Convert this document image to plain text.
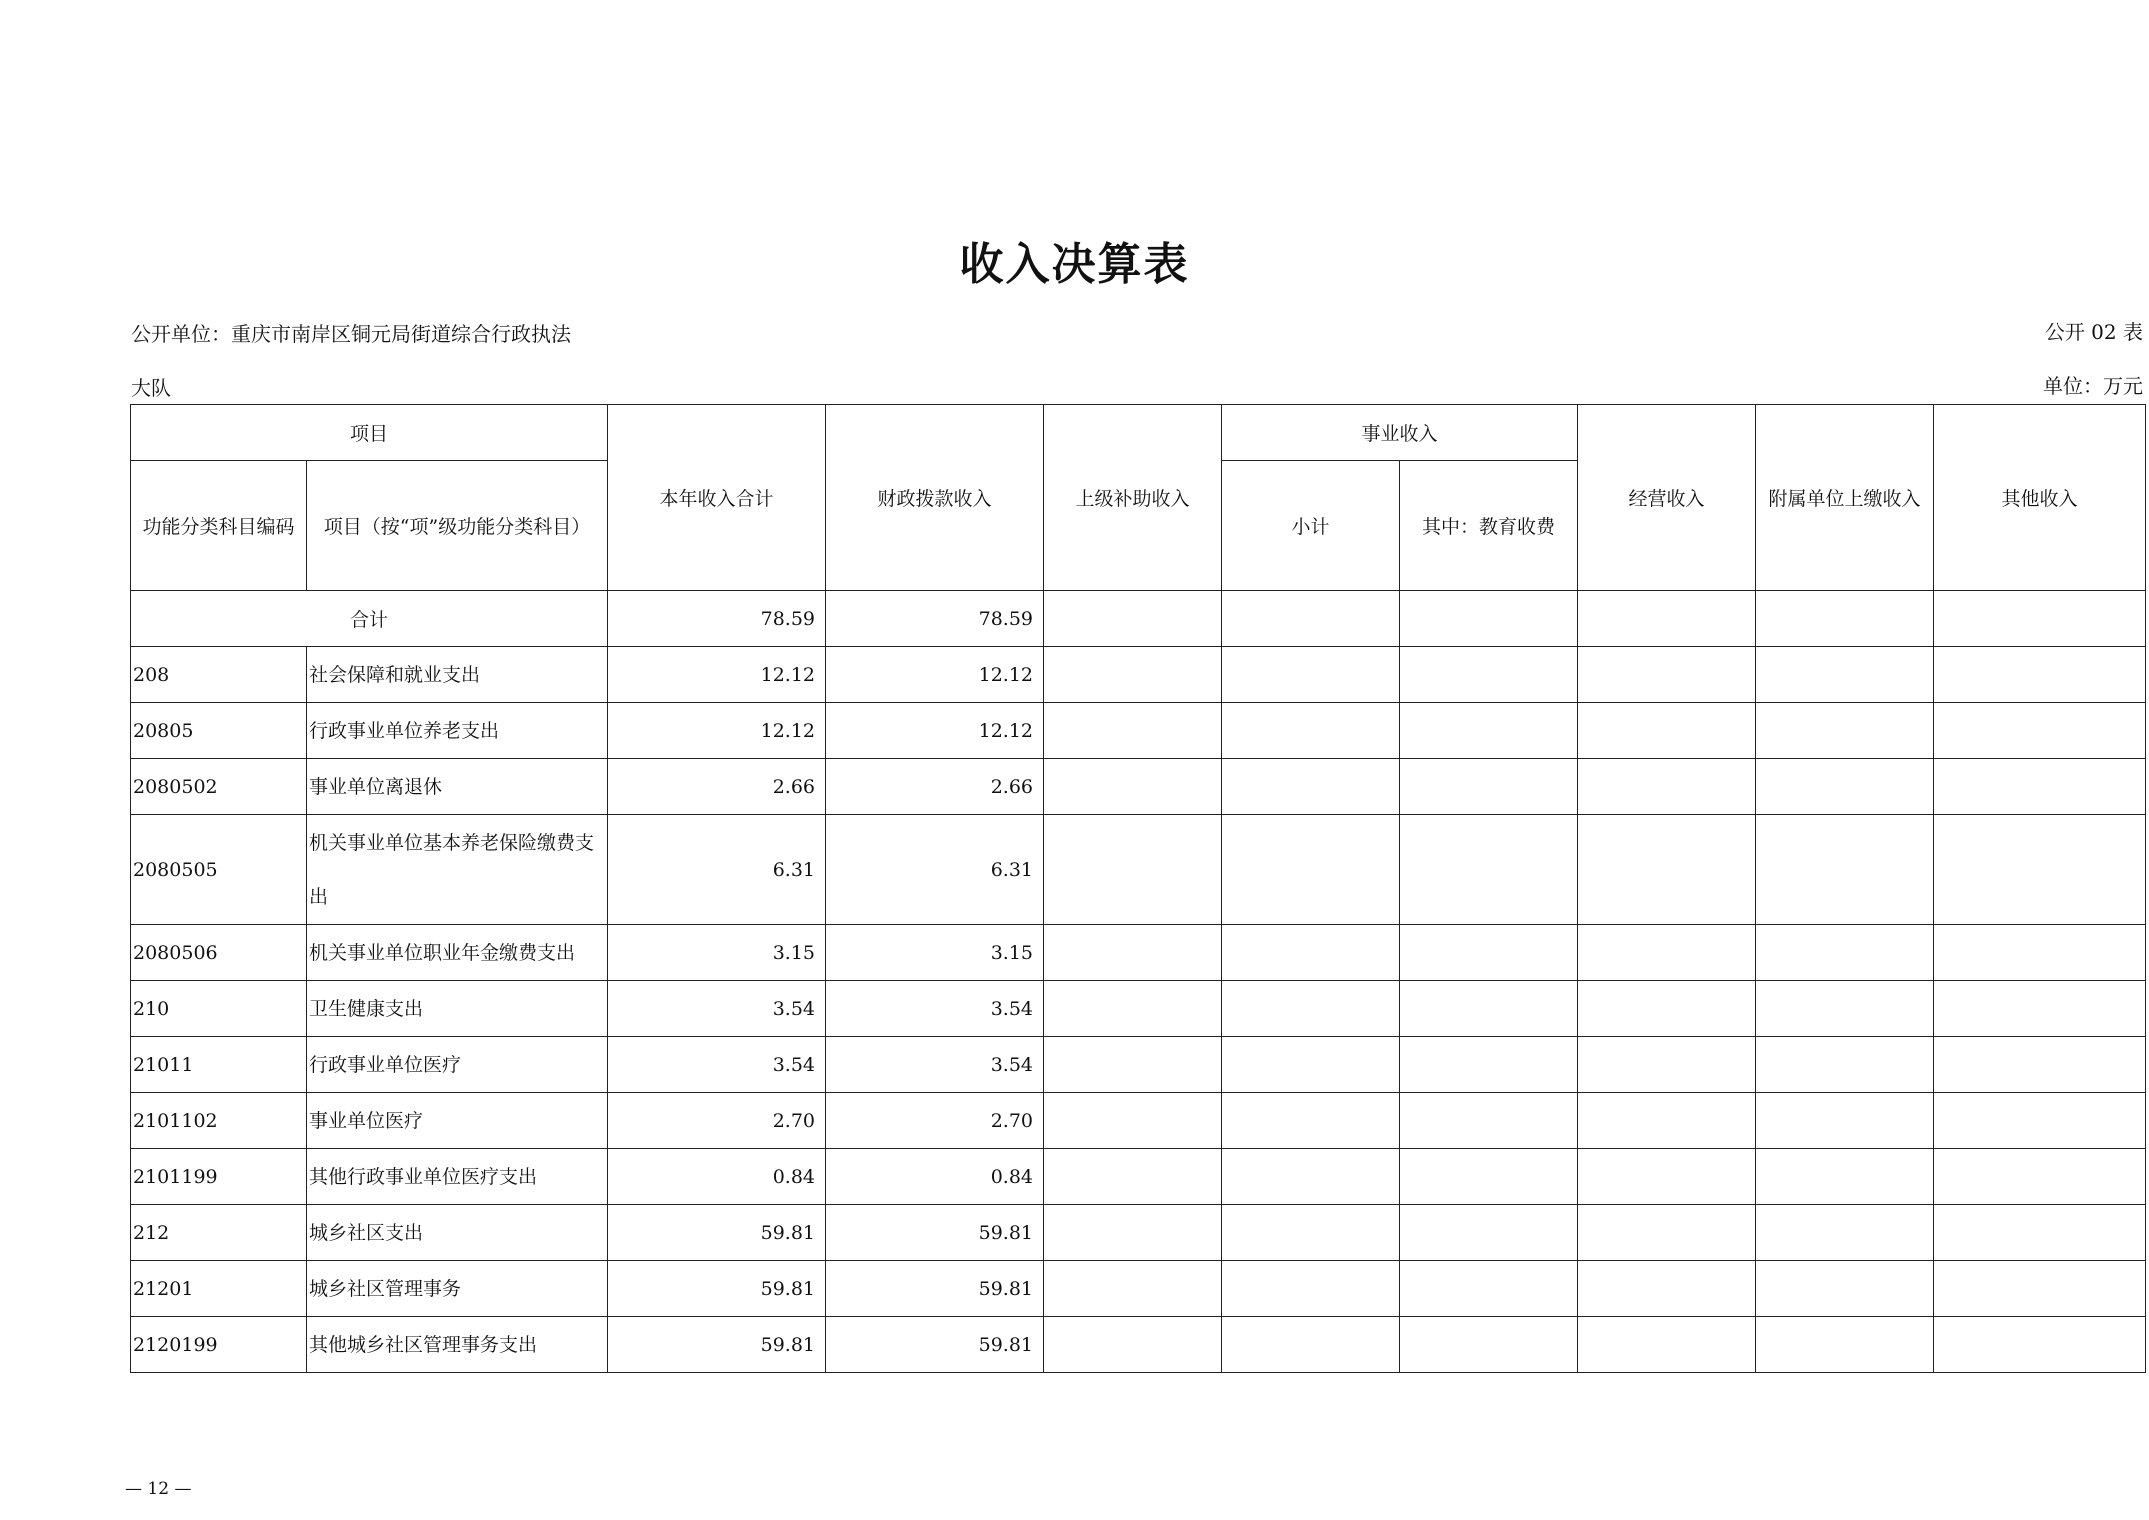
收入决算表
公开单位：重庆市南岸区铜元局街道综合行政执法
大队
公开 02 表
单位：万元
项目		本年收入合计	财政拨款收入	上级补助收入	事业收入		经营收入	附属单位上缴收入	其他收入
功能分类科目编码	项目（按“项”级功能分类科目）				小计	其中：教育收费			
合计		78.59	78.59						
208	社会保障和就业支出	12.12	12.12						
20805	行政事业单位养老支出	12.12	12.12						
2080502	事业单位离退休	2.66	2.66						
2080505	机关事业单位基本养老保险缴费支出	6.31	6.31						
2080506	机关事业单位职业年金缴费支出	3.15	3.15						
210	卫生健康支出	3.54	3.54						
21011	行政事业单位医疗	3.54	3.54						
2101102	事业单位医疗	2.70	2.70						
2101199	其他行政事业单位医疗支出	0.84	0.84						
212	城乡社区支出	59.81	59.81						
21201	城乡社区管理事务	59.81	59.81						
2120199	其他城乡社区管理事务支出	59.81	59.81						
— 12 —
